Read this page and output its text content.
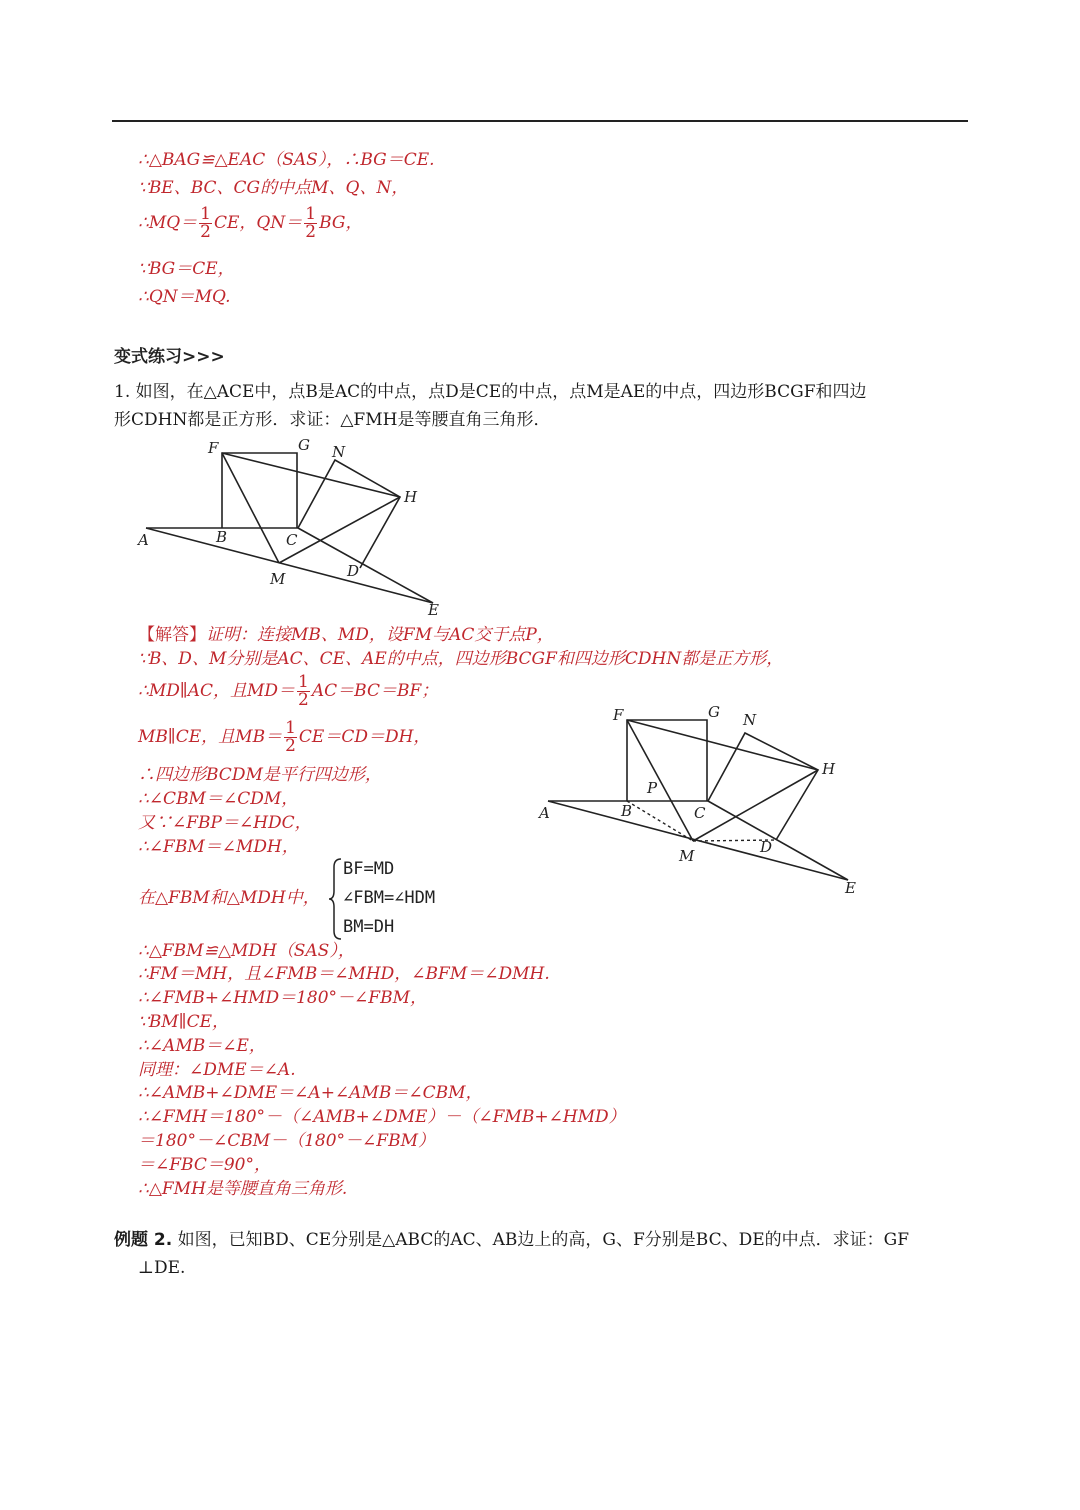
∴△BAG≌△EAC（SAS），∴BG＝CE.
∵BE、BC、CG的中点M、Q、N，
∴MQ＝ $\frac{1}{2}$ CE，$QN= \frac{1}{2}$ BG，
∵BG＝CE，
∴QN＝MQ.
变式练习>>>
1. 如图，在△ACE中，点B是AC的中点，点D是CE的中点，点M是AE的中点，四边形BCGF和四边
形CDHN都是正方形．求证：△FMH是等腰直角三角形．
F	G N
H
A	B	C
M	D
E
【解答】证明：连接MB、MD，设FM与AC交于点P，
∵B、D、M分别是AC、CE、AE的中点，四边形BCGF和四边形CDHN都是正方形，
∴MD∥AC，且$MD= \frac{1}{2} AC=BC=BF$；
MB∥CE，且$MB= \frac{1}{2} CE=CD=DH$，
∴四边形BCDM是平行四边形，
∴∠CBM＝∠CDM，
又∵∠FBP＝∠HDC，
∴∠FBM＝∠MDH，
在△FBM和△MDH中，
BF=MD
∠FBM=∠HDM
BM=DH
∴△FBM≌△MDH（SAS），
∴FM＝MH，且∠FMB＝∠MHD，∠BFM＝∠DMH.
∴∠FMB+∠HMD＝180°－∠FBM，
∵BM∥CE，
∴∠AMB＝∠E，
同理：∠DME＝∠A.
∴∠AMB+∠DME＝∠A+∠AMB＝∠CBM，
∴∠FMH＝180°－（∠AMB+∠DME）－（∠FMB+∠HMD）
＝180°－∠CBM－（180°－∠FBM）
＝∠FBC＝90°，
∴△FMH是等腰直角三角形.
F	G N
H
P
A	B	C
M	D
E
例题 2. 如图，已知BD、CE分别是△ABC的AC、AB边上的高，G、F分别是BC、DE的中点．求证：GF
⊥DE.
